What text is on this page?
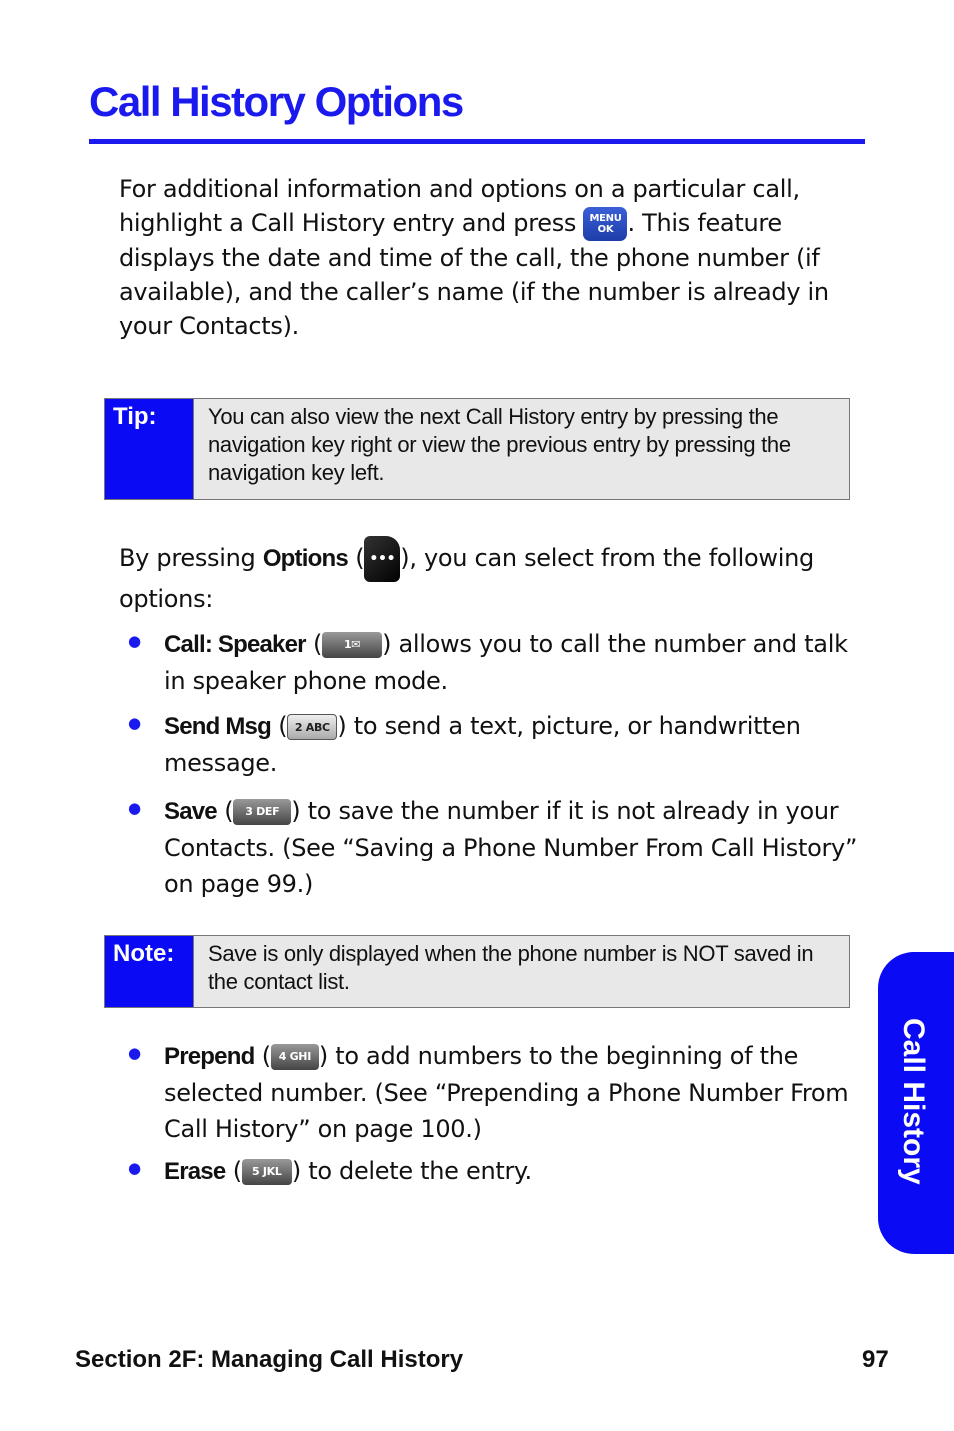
Call History Options
For additional information and options on a particular call, highlight a Call History entry and press MENU
OK . This feature displays the date and time of the call, the phone number (if available), and the caller’s name (if the number is already in your Contacts).
Tip:	You can also view the next Call History entry by pressing the navigation key right or view the previous entry by pressing the navigation key left.
By pressing Options ( ••• ), you can select from the following options:
● Call: Speaker ( 1✉ ) allows you to call the number and talk in speaker phone mode.
● Send Msg ( 2 ABC ) to send a text, picture, or handwritten message.
● Save ( 3 DEF ) to save the number if it is not already in your Contacts. (See “Saving a Phone Number From Call History” on page 99.)
Note:	Save is only displayed when the phone number is NOT saved in the contact list.
● Prepend ( 4 GHI ) to add numbers to the beginning of the selected number. (See “Prepending a Phone Number From Call History” on page 100.)
● Erase ( 5 JKL ) to delete the entry.	Call History
Section 2F: Managing Call History	97
